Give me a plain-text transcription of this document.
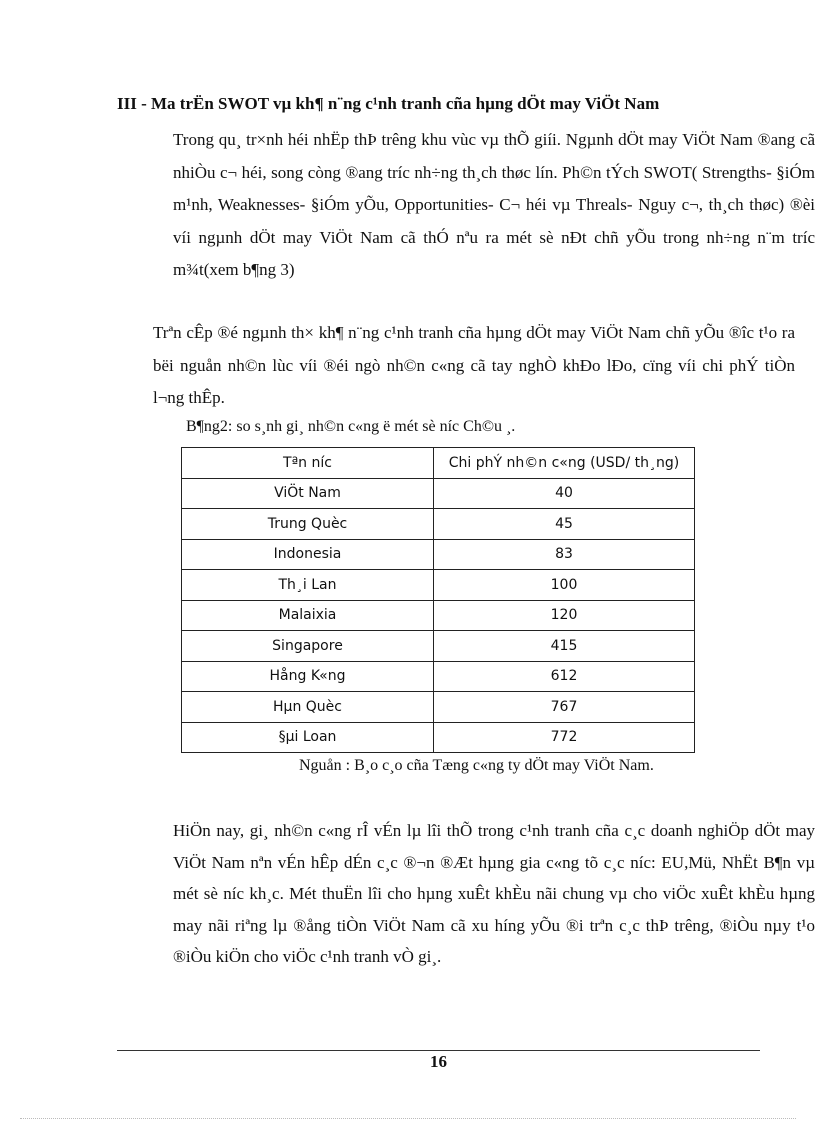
III - Ma trËn SWOT vµ kh¶ n¨ng c¹nh tranh cña hµng dÖt may ViÖt Nam

Trong qu¸ tr×nh héi nhËp thÞ trêng khu vùc vµ thÕ giíi. Ngµnh dÖt may ViÖt Nam ®ang cã nhiÒu c¬ héi, song còng ®ang tríc nh÷ng th¸ch thøc lín. Ph©n tÝch SWOT( Strengths- §iÓm m¹nh, Weaknesses- §iÓm yÕu, Opportunities- C¬ héi vµ Threals- Nguy c¬, th¸ch thøc) ®èi víi ngµnh dÖt may ViÖt Nam cã thÓ nªu ra mét sè nÐt chñ yÕu trong nh÷ng n¨m tríc m¾t(xem b¶ng 3)

Trªn cÊp ®é ngµnh th× kh¶ n¨ng c¹nh tranh cña hµng dÖt may ViÖt Nam chñ yÕu ®îc t¹o ra bëi nguån nh©n lùc víi ®éi ngò nh©n c«ng cã tay nghÒ khÐo lÐo, cïng víi chi phÝ tiÒn l¬ng thÊp.

B¶ng2: so s¸nh gi¸ nh©n c«ng ë mét sè níc Ch©u ¸.

Tªn níc	Chi phÝ nh©n c«ng (USD/ th¸ng)
ViÖt Nam	40
Trung Quèc	45
Indonesia	83
Th¸i Lan	100
Malaixia	120
Singapore	415
Hång K«ng	612
Hµn Quèc	767
§µi Loan	772

Nguån : B¸o c¸o cña Tæng c«ng ty dÖt may ViÖt Nam.

HiÖn nay, gi¸ nh©n c«ng rÎ vÉn lµ lîi thÕ trong c¹nh tranh cña c¸c doanh nghiÖp dÖt may ViÖt Nam nªn vÉn hÊp dÉn c¸c ®¬n ®Æt hµng gia c«ng tõ c¸c níc: EU,Mü, NhËt B¶n vµ mét sè níc kh¸c. Mét thuËn lîi cho hµng xuÊt khÈu nãi chung vµ cho viÖc xuÊt khÈu hµng may nãi riªng lµ ®ång tiÒn ViÖt Nam cã xu híng yÕu ®i trªn c¸c thÞ trêng, ®iÒu nµy t¹o ®iÒu kiÖn cho viÖc c¹nh tranh vÒ gi¸.

16
